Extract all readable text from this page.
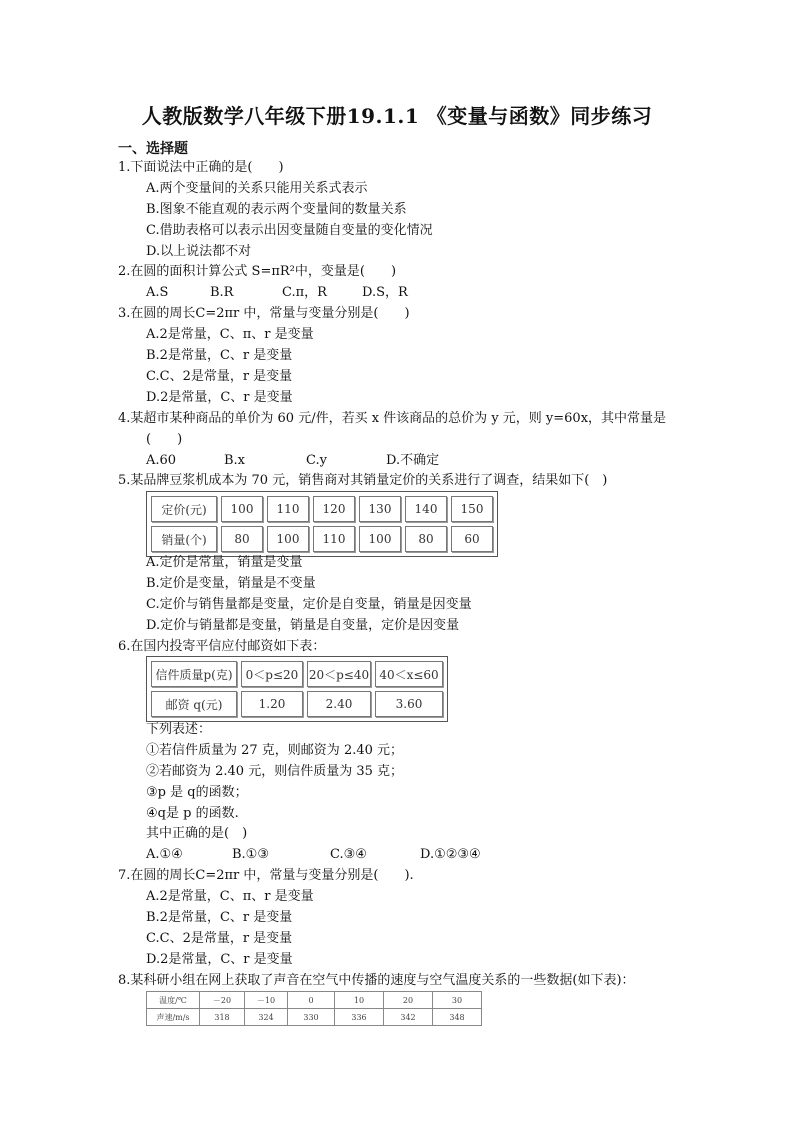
人教版数学八年级下册19.1.1 《变量与函数》同步练习
一、选择题
1.下面说法中正确的是(　　)
A.两个变量间的关系只能用关系式表示
B.图象不能直观的表示两个变量间的数量关系
C.借助表格可以表示出因变量随自变量的变化情况
D.以上说法都不对
2.在圆的面积计算公式 S=πR²中，变量是(　　)
A.S	B.R	C.π，R	D.S，R
3.在圆的周长C=2πr 中，常量与变量分别是(　　)
A.2是常量，C、π、r 是变量
B.2是常量，C、r 是变量
C.C、2是常量，r 是变量
D.2是常量，C、r 是变量
4.某超市某种商品的单价为 60 元/件，若买 x 件该商品的总价为 y 元，则 y=60x，其中常量是
(　　)
A.60	B.x	C.y	D.不确定
5.某品牌豆浆机成本为 70 元，销售商对其销量定价的关系进行了调查，结果如下(　)
定价(元)	100	110	120	130	140	150
销量(个)	80	100	110	100	80	60
A.定价是常量，销量是变量
B.定价是变量，销量是不变量
C.定价与销售量都是变量，定价是自变量，销量是因变量
D.定价与销量都是变量，销量是自变量，定价是因变量
6.在国内投寄平信应付邮资如下表：
信件质量p(克)	0＜p≤20	20＜p≤40	40＜x≤60
邮资 q(元)	1.20	2.40	3.60
下列表述：
①若信件质量为 27 克，则邮资为 2.40 元；
②若邮资为 2.40 元，则信件质量为 35 克；
③p 是 q的函数；
④q是 p 的函数.
其中正确的是(　)
A.①④	B.①③	C.③④	D.①②③④
7.在圆的周长C=2πr 中，常量与变量分别是(　　).
A.2是常量，C、π、r 是变量
B.2是常量，C、r 是变量
C.C、2是常量，r 是变量
D.2是常量，C、r 是变量
8.某科研小组在网上获取了声音在空气中传播的速度与空气温度关系的一些数据(如下表)：
温度/℃	－20	－10	0	10	20	30
声速/m/s	318	324	330	336	342	348
